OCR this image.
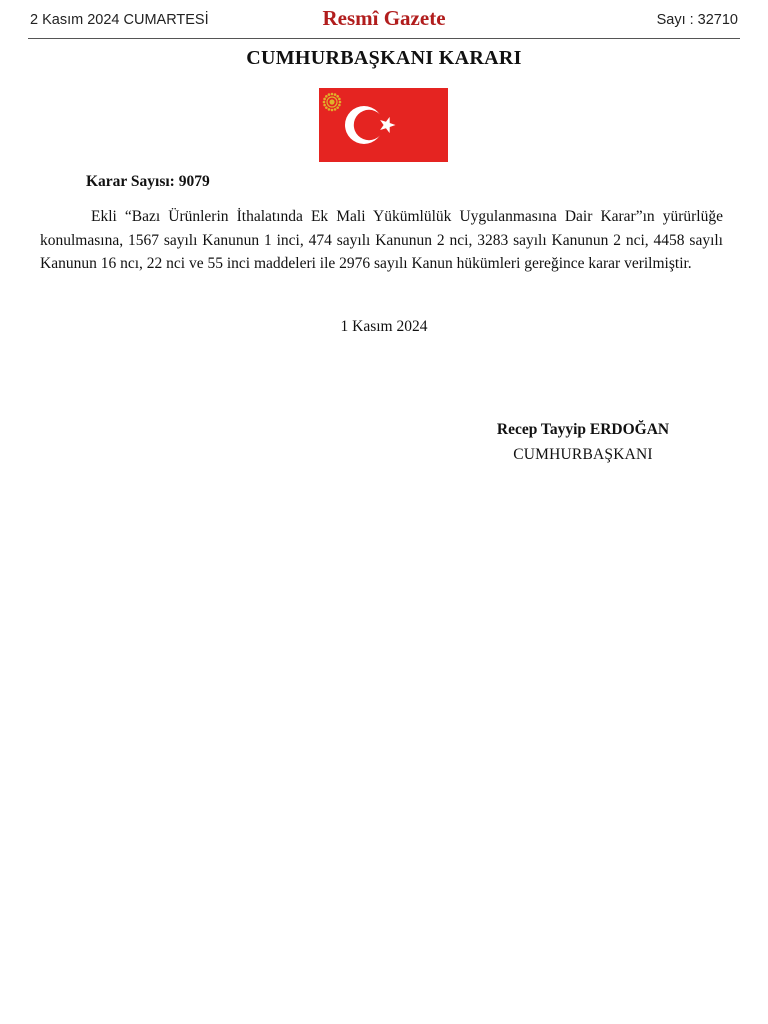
2 Kasım 2024 CUMARTESİ	Resmî Gazete	Sayı : 32710
CUMHURBAŞKANI KARARI
Karar Sayısı: 9079
Ekli “Bazı Ürünlerin İthalatında Ek Mali Yükümlülük Uygulanmasına Dair Karar”ın yürürlüğe konulmasına, 1567 sayılı Kanunun 1 inci, 474 sayılı Kanunun 2 nci, 3283 sayılı Kanunun 2 nci, 4458 sayılı Kanunun 16 ncı, 22 nci ve 55 inci maddeleri ile 2976 sayılı Kanun hükümleri gereğince karar verilmiştir.
1 Kasım 2024
Recep Tayyip ERDOĞAN
CUMHURBAŞKANI
